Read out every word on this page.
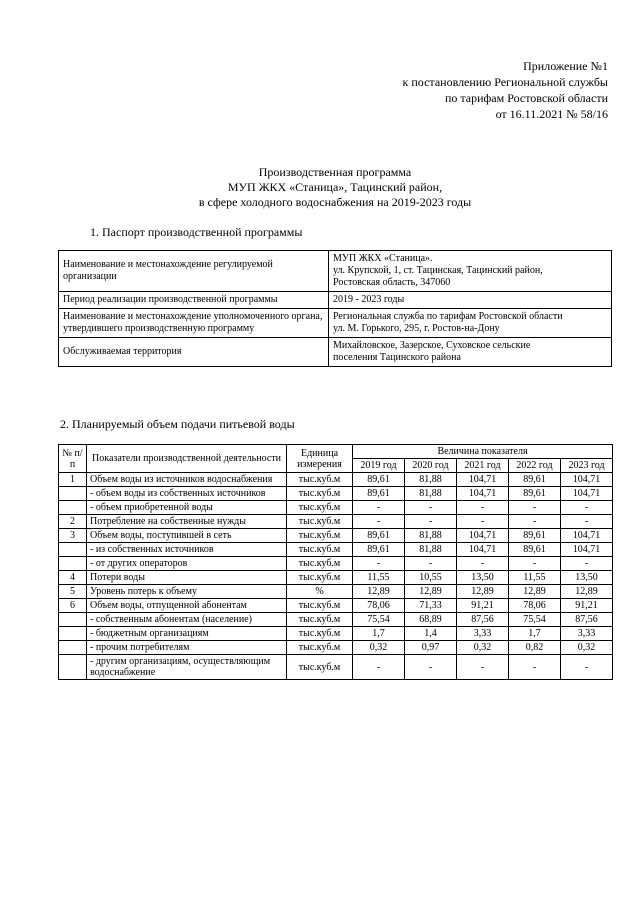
Приложение №1
к постановлению Региональной службы
по тарифам Ростовской области
от 16.11.2021 № 58/16
Производственная программа
МУП ЖКХ «Станица», Тацинский район,
в сфере холодного водоснабжения на 2019-2023 годы
1. Паспорт производственной программы
Наименование и местонахождение регулируемой организации	МУП ЖКХ «Станица».
ул. Крупской, 1, ст. Тацинская, Тацинский район,
Ростовская область, 347060

Период реализации производственной программы	2019 - 2023 годы

Наименование и местонахождение уполномоченного органа, утвердившего производственную программу	Региональная служба по тарифам Ростовской области
ул. М. Горького, 295, г. Ростов-на-Дону

Обслуживаемая территория	Михайловское, Зазерское, Суховское сельские
поселения Тацинского района
2. Планируемый объем подачи питьевой воды
№ п/п	Показатели производственной деятельности	Единица измерения	Величина показателя				
			2019 год	2020 год	2021 год	2022 год	2023 год
1	Объем воды из источников водоснабжения	тыс.куб.м	89,61	81,88	104,71	89,61	104,71
	- объем воды из собственных источников	тыс.куб.м	89,61	81,88	104,71	89,61	104,71
	- объем приобретенной воды	тыс.куб.м	-	-	-	-	-
2	Потребление на собственные нужды	тыс.куб.м	-	-	-	-	-
3	Объем воды, поступившей в сеть	тыс.куб.м	89,61	81,88	104,71	89,61	104,71
	- из собственных источников	тыс.куб.м	89,61	81,88	104,71	89,61	104,71
	- от других операторов	тыс.куб.м	-	-	-	-	-
4	Потери воды	тыс.куб.м	11,55	10,55	13,50	11,55	13,50
5	Уровень потерь к объему	%	12,89	12,89	12,89	12,89	12,89
6	Объем воды, отпущенной абонентам	тыс.куб.м	78,06	71,33	91,21	78,06	91,21
	- собственным абонентам (население)	тыс.куб.м	75,54	68,89	87,56	75,54	87,56
	- бюджетным организациям	тыс.куб.м	1,7	1,4	3,33	1,7	3,33
	- прочим потребителям	тыс.куб.м	0,32	0,97	0,32	0,82	0,32
	- другим организациям, осуществляющим водоснабжение	тыс.куб.м	-	-	-	-	-
